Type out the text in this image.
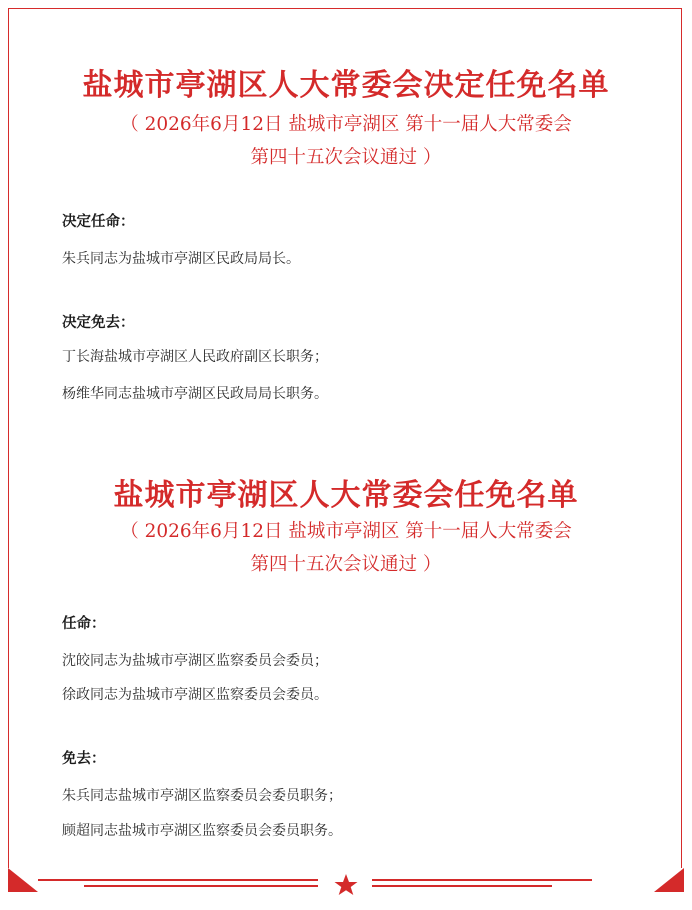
盐城市亭湖区人大常委会决定任免名单

（ 2026年6月12日 盐城市亭湖区 第十一届人大常委会

第四十五次会议通过 ）

决定任命：

朱兵同志为盐城市亭湖区民政局局长。

决定免去：

丁长海盐城市亭湖区人民政府副区长职务；

杨维华同志盐城市亭湖区民政局局长职务。

盐城市亭湖区人大常委会任免名单

（ 2026年6月12日 盐城市亭湖区 第十一届人大常委会

第四十五次会议通过 ）

任命：

沈皎同志为盐城市亭湖区监察委员会委员；

徐政同志为盐城市亭湖区监察委员会委员。

免去：

朱兵同志盐城市亭湖区监察委员会委员职务；

顾超同志盐城市亭湖区监察委员会委员职务。
